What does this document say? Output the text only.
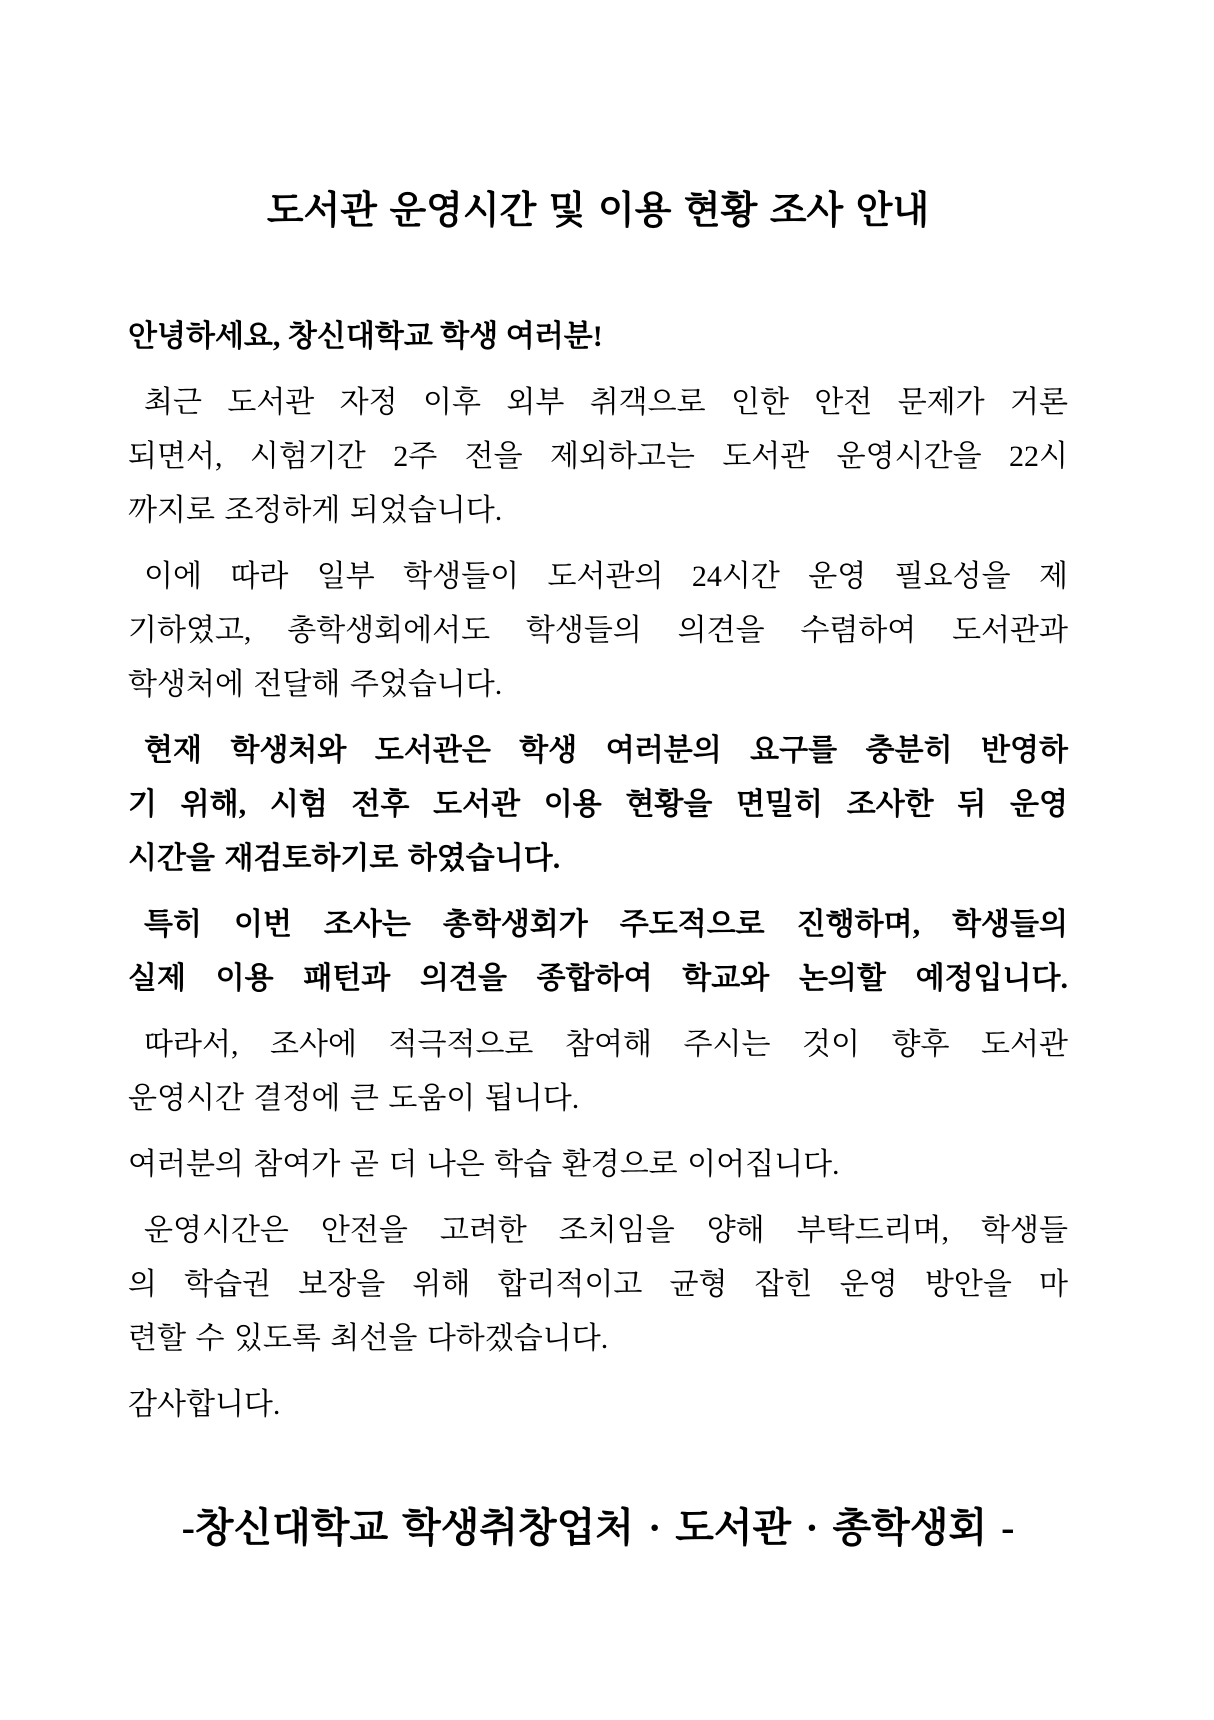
도서관 운영시간 및 이용 현황 조사 안내

안녕하세요, 창신대학교 학생 여러분!

최근 도서관 자정 이후 외부 취객으로 인한 안전 문제가 거론
되면서, 시험기간 2주 전을 제외하고는 도서관 운영시간을 22시
까지로 조정하게 되었습니다.

이에 따라 일부 학생들이 도서관의 24시간 운영 필요성을 제
기하였고, 총학생회에서도 학생들의 의견을 수렴하여 도서관과
학생처에 전달해 주었습니다.

현재 학생처와 도서관은 학생 여러분의 요구를 충분히 반영하
기 위해, 시험 전후 도서관 이용 현황을 면밀히 조사한 뒤 운영
시간을 재검토하기로 하였습니다.

특히 이번 조사는 총학생회가 주도적으로 진행하며, 학생들의
실제 이용 패턴과 의견을 종합하여 학교와 논의할 예정입니다.

따라서, 조사에 적극적으로 참여해 주시는 것이 향후 도서관
운영시간 결정에 큰 도움이 됩니다.

여러분의 참여가 곧 더 나은 학습 환경으로 이어집니다.

운영시간은 안전을 고려한 조치임을 양해 부탁드리며, 학생들
의 학습권 보장을 위해 합리적이고 균형 잡힌 운영 방안을 마
련할 수 있도록 최선을 다하겠습니다.

감사합니다.

-창신대학교 학생취창업처 · 도서관 · 총학생회 -
